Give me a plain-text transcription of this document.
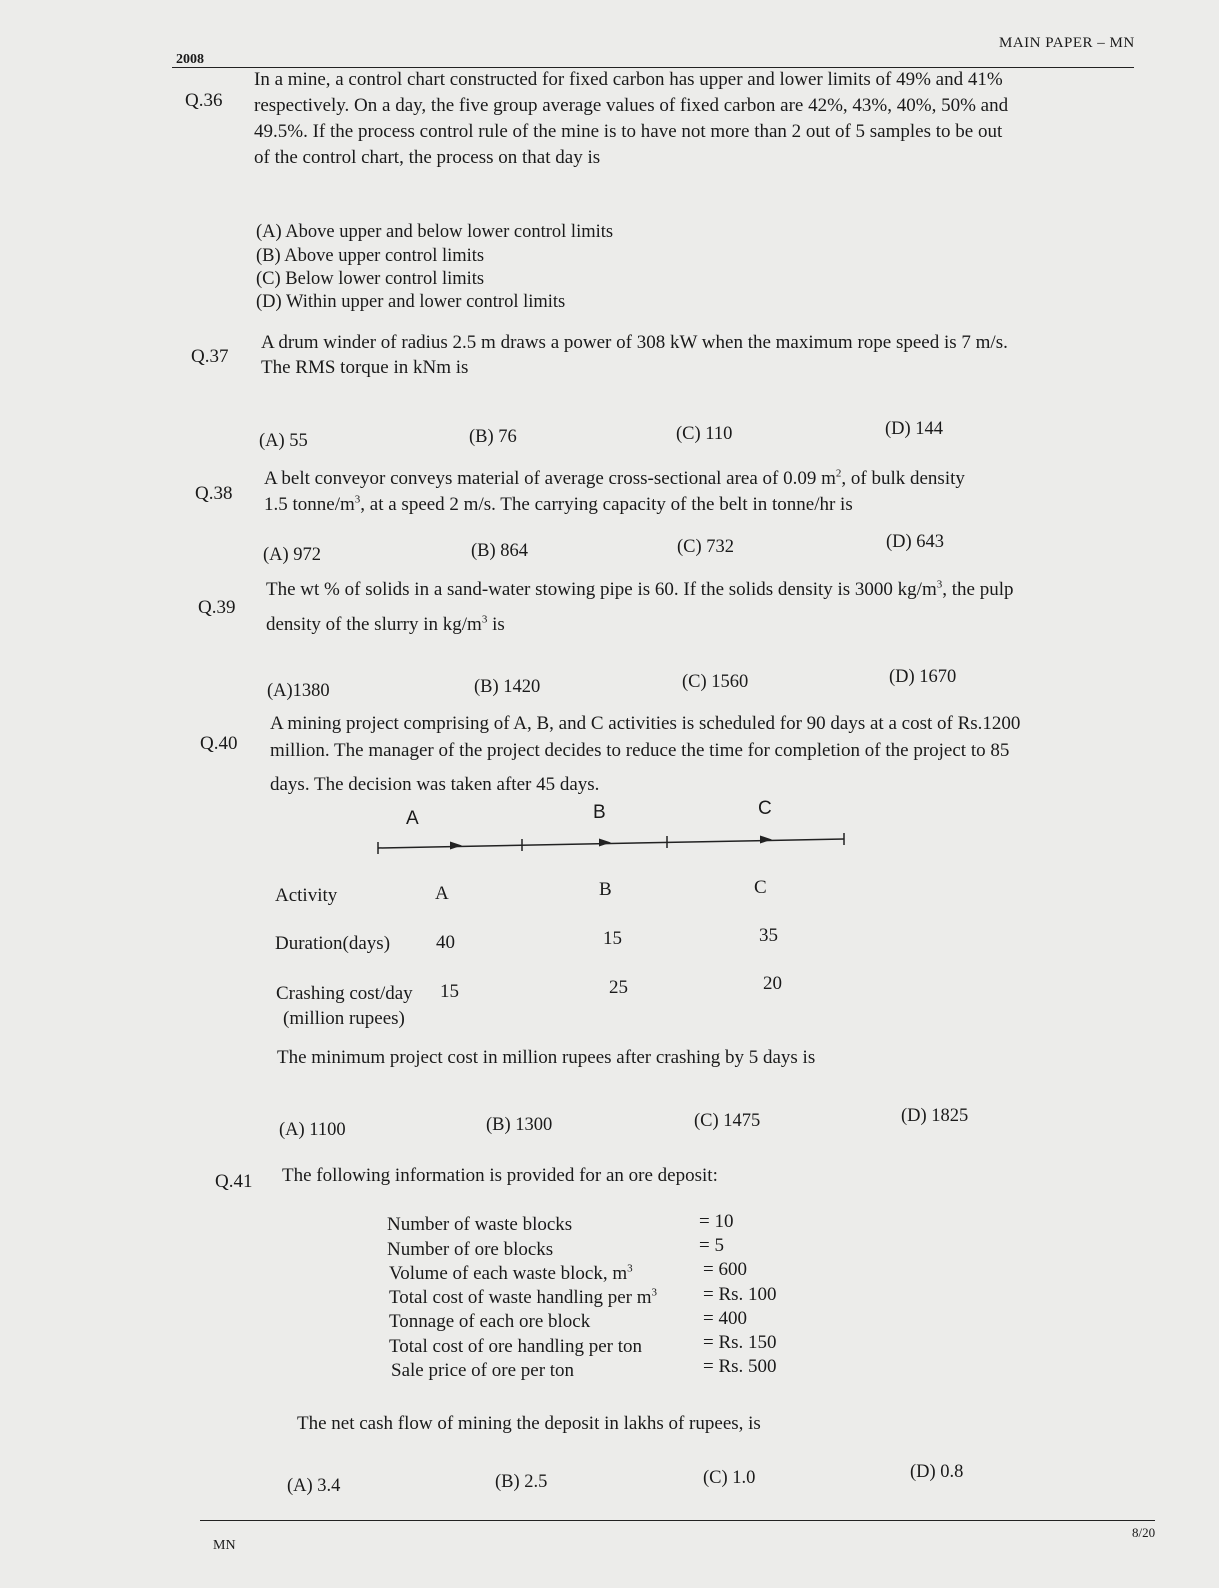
2008
MAIN PAPER – MN
Q.36
In a mine, a control chart constructed for fixed carbon has upper and lower limits of 49% and 41%
respectively. On a day, the five group average values of fixed carbon are 42%, 43%, 40%, 50% and
49.5%. If the process control rule of the mine is to have not more than 2 out of 5 samples to be out
of the control chart, the process on that day is
(A) Above upper and below lower control limits
(B) Above upper control limits
(C) Below lower control limits
(D) Within upper and lower control limits
Q.37
A drum winder of radius 2.5 m draws a power of 308 kW when the maximum rope speed is 7 m/s.
The RMS torque in kNm is
(A) 55	(B) 76	(C) 110	(D) 144
Q.38
A belt conveyor conveys material of average cross-sectional area of 0.09 $m^2$, of bulk density
1.5 tonne/$m^3$, at a speed 2 m/s. The carrying capacity of the belt in tonne/hr is
(A) 972	(B) 864	(C) 732	(D) 643
Q.39
The wt % of solids in a sand-water stowing pipe is 60. If the solids density is 3000 $kg/m^3$, the pulp
density of the slurry in $kg/m^3$ is
(A)1380	(B) 1420	(C) 1560	(D) 1670
Q.40
A mining project comprising of A, B, and C activities is scheduled for 90 days at a cost of Rs.1200
million. The manager of the project decides to reduce the time for completion of the project to 85
days. The decision was taken after 45 days.
A	B	C
Activity	A	B	C
Duration(days) 40	15	35
Crashing cost/day 15	25	20
(million rupees)
The minimum project cost in million rupees after crashing by 5 days is
(A) 1100	(B) 1300	(C) 1475	(D) 1825
Q.41 The following information is provided for an ore deposit:
Number of waste blocks	= 10
Number of ore blocks	= 5
Volume of each waste block, $m^3$	= 600
Total cost of waste handling per $m^3 = Rs$. 100
Tonnage of each ore block	= 400
Total cost of ore handling per ton	= Rs. 150
Sale price of ore per ton	= Rs. 500
The net cash flow of mining the deposit in lakhs of rupees, is
(A) 3.4	(B) 2.5	(C) 1.0	(D) 0.8
MN
8/20
